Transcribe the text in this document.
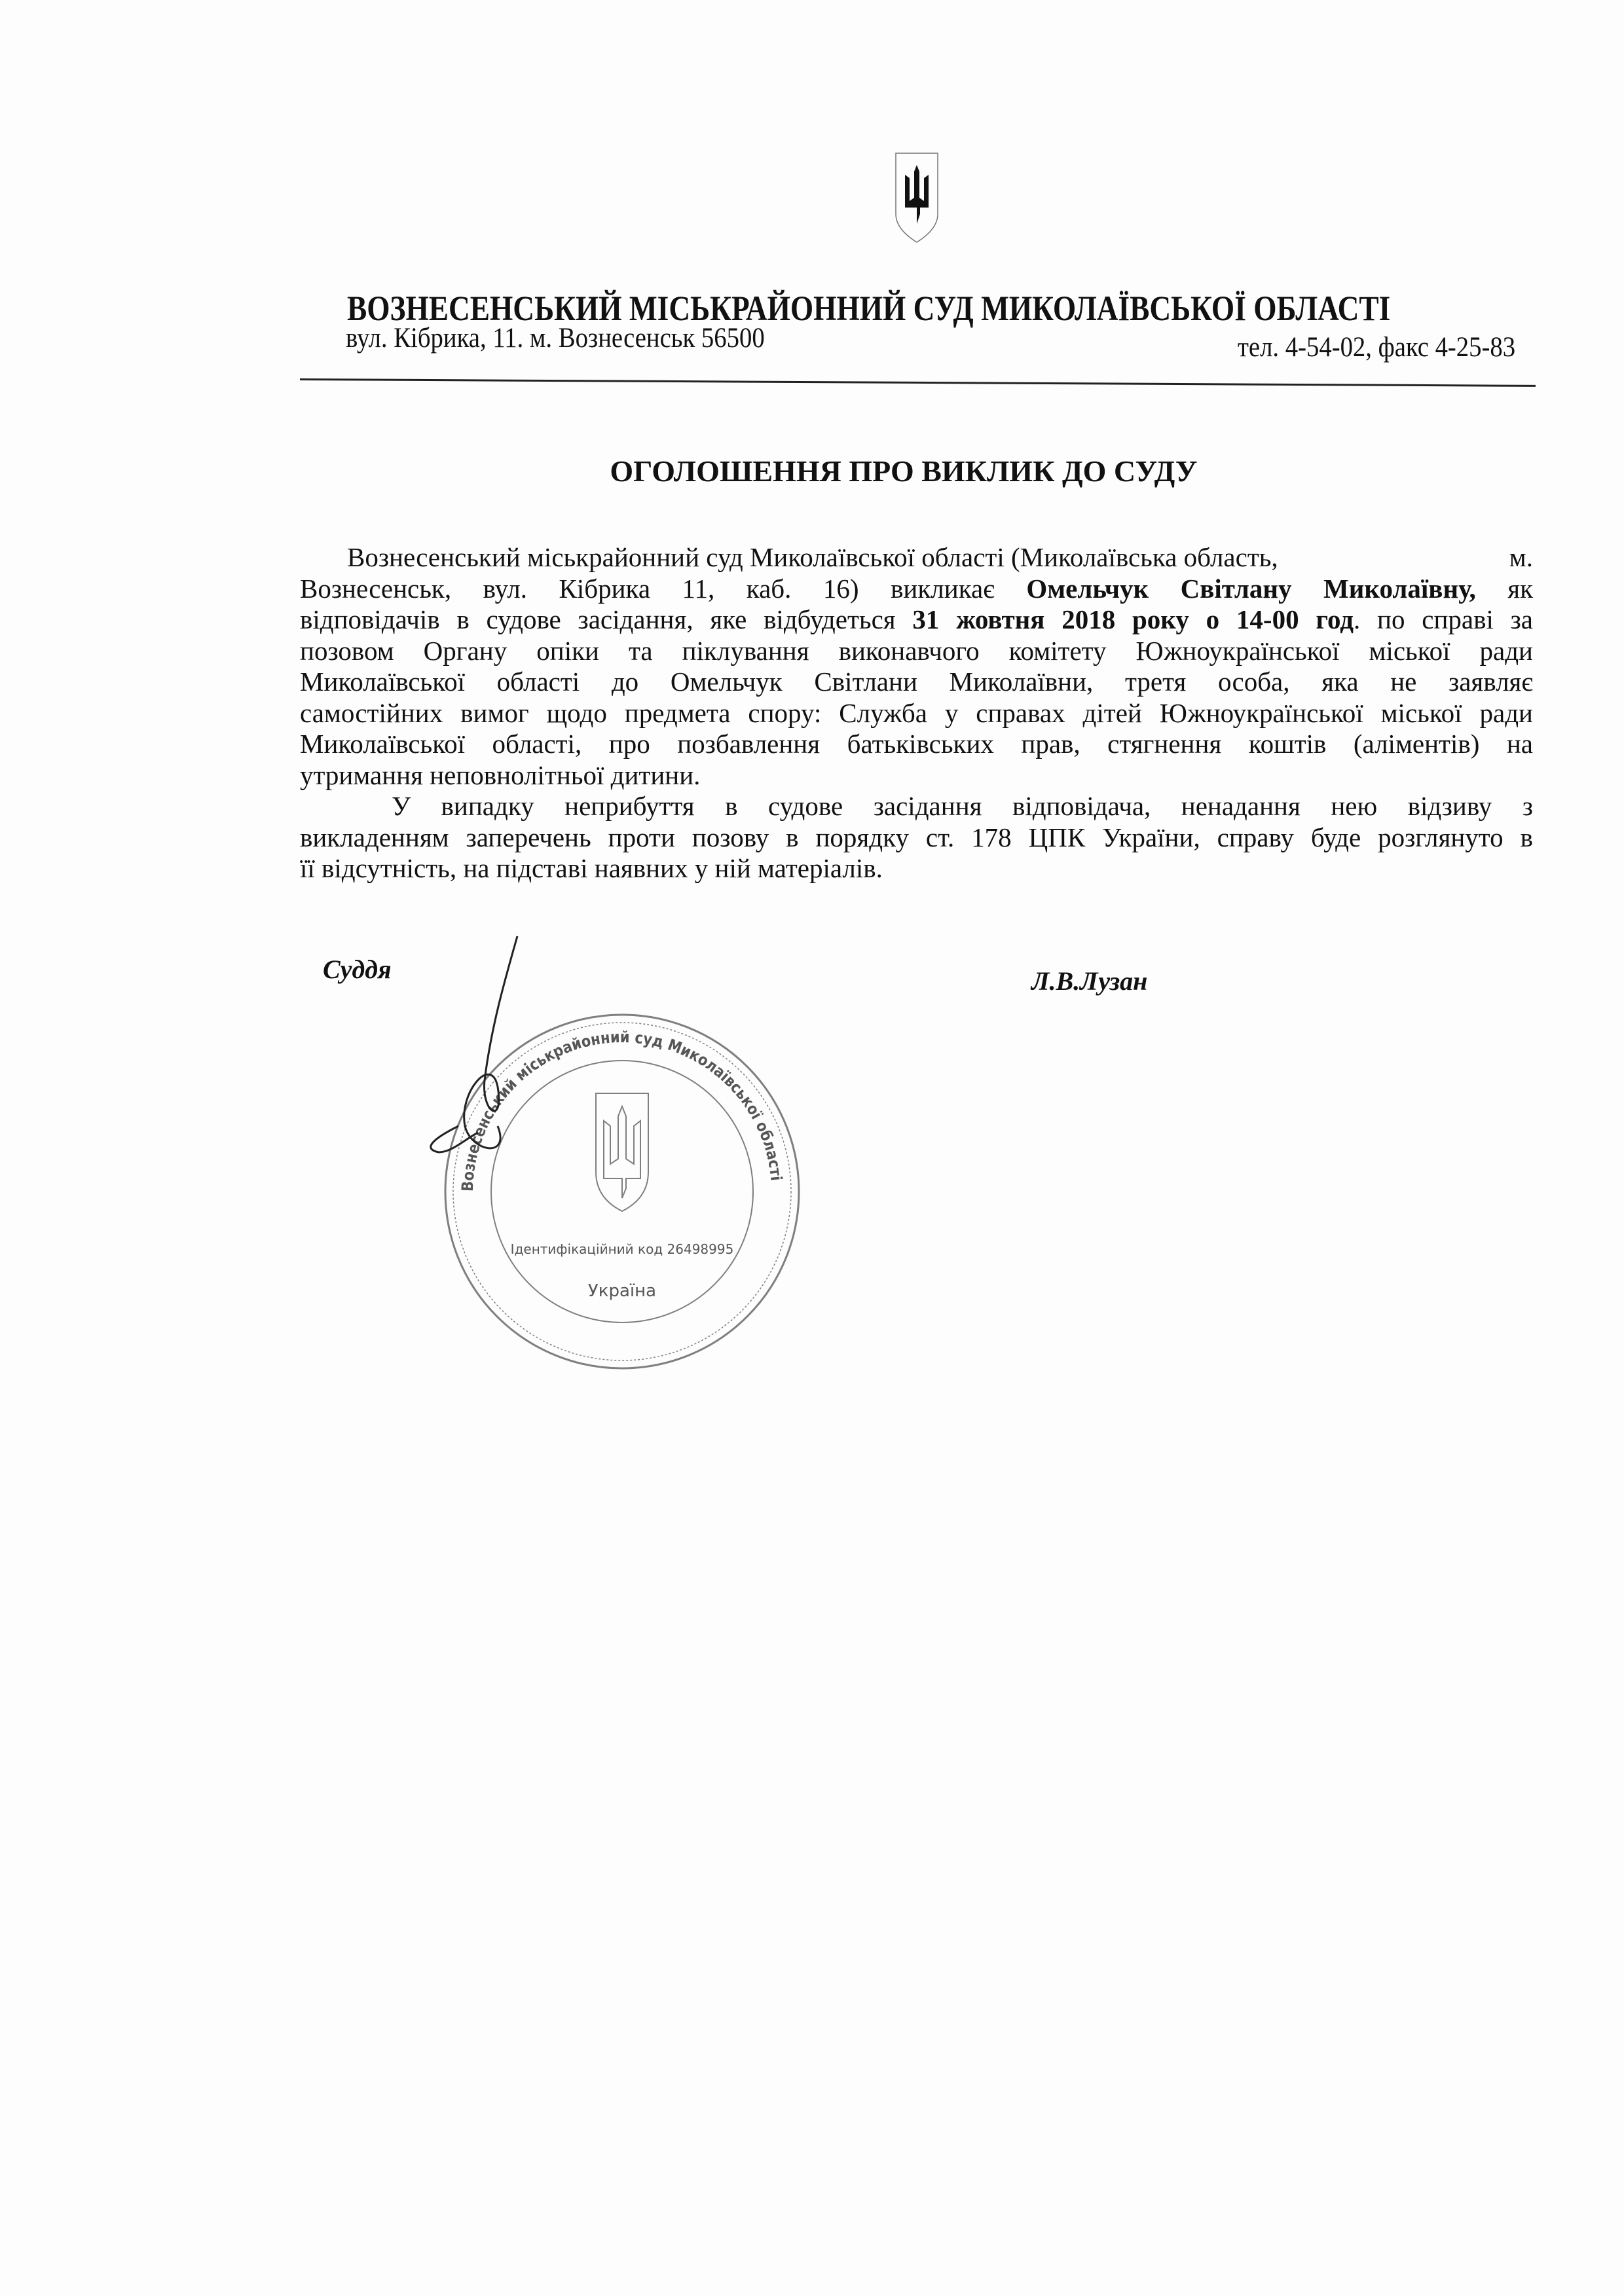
ВОЗНЕСЕНСЬКИЙ МІСЬКРАЙОННИЙ СУД МИКОЛАЇВСЬКОЇ ОБЛАСТІ
вул. Кібрика, 11. м. Вознесенськ 56500	тел. 4-54-02, факс 4-25-83
ОГОЛОШЕННЯ ПРО ВИКЛИК ДО СУДУ
Вознесенський міськрайонний суд Миколаївської області (Миколаївська область,	м.
Вознесенськ, вул. Кібрика 11, каб. 16) викликає Омельчук Світлану Миколаївну, як
відповідачів в судове засідання, яке відбудеться 31 жовтня 2018 року о 14-00 год. по справі за
позовом Органу опіки та піклування виконавчого комітету Южноукраїнської міської ради
Миколаївської області до Омельчук Світлани Миколаївни, третя особа, яка не заявляє
самостійних вимог щодо предмета спору: Служба у справах дітей Южноукраїнської міської ради
Миколаївської області, про позбавлення батьківських прав, стягнення коштів (аліментів) на
утримання неповнолітньої дитини.
У випадку неприбуття в судове засідання відповідача, ненадання нею відзиву з
викладенням заперечень проти позову в порядку ст. 178 ЦПК України, справу буде розглянуто в
її відсутність, на підставі наявних у ній матеріалів.
Вознесенський міськрайонний суд Миколаївської області
Ідентифікаційний код 26498995
Україна
Суддя	Л.В.Лузан
